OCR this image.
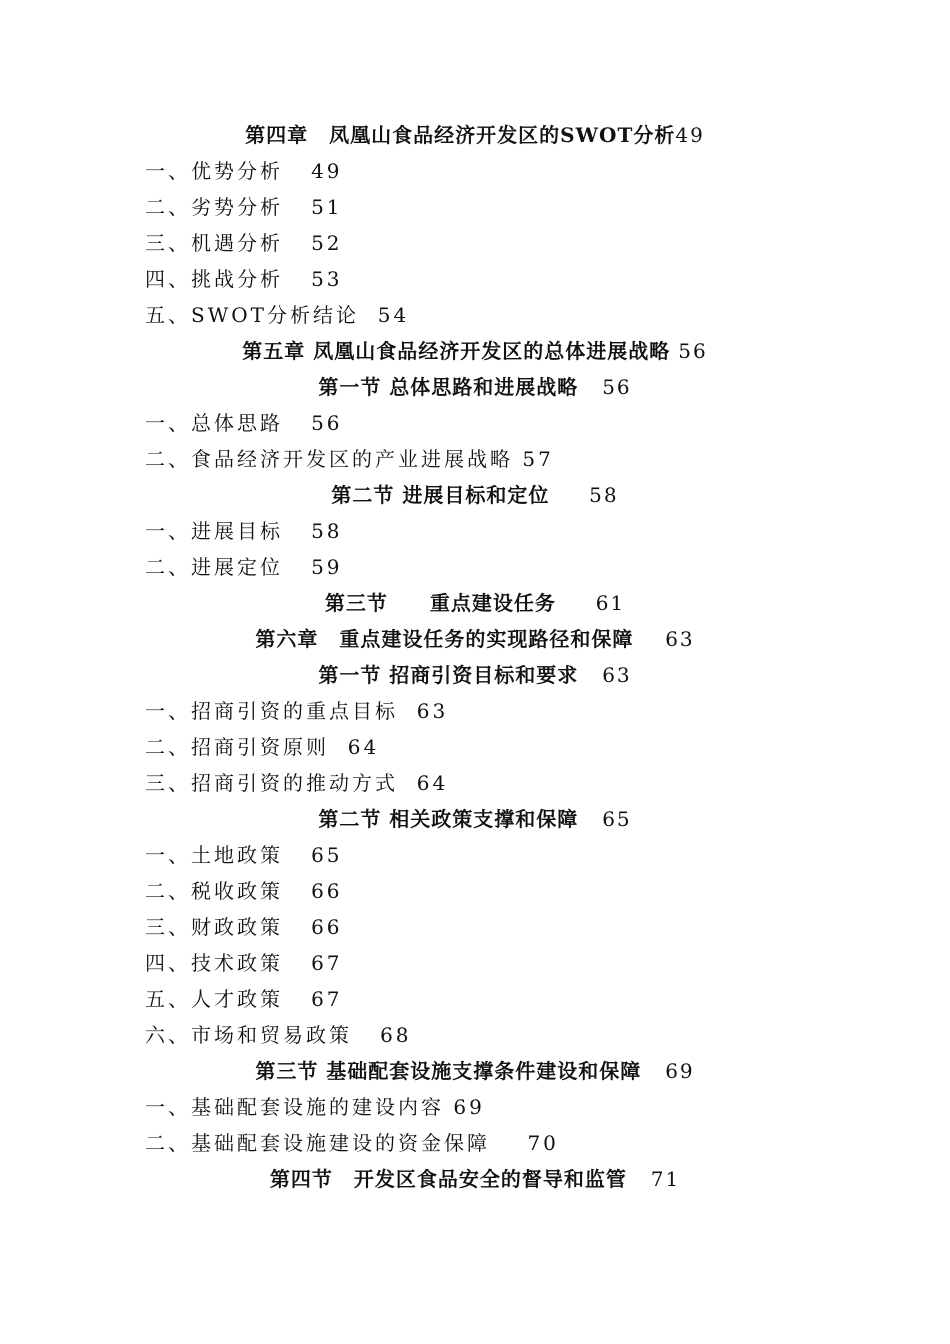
第四章　凤凰山食品经济开发区的SWOT分析49
一、优势分析 49
二、劣势分析 51
三、机遇分析 52
四、挑战分析 53
五、SWOT分析结论 54
第五章 凤凰山食品经济开发区的总体进展战略 56
第一节 总体思路和进展战略 56
一、总体思路 56
二、食品经济开发区的产业进展战略 57
第二节 进展目标和定位 58
一、进展目标 58
二、进展定位 59
第三节　　重点建设任务 61
第六章　重点建设任务的实现路径和保障 63
第一节 招商引资目标和要求 63
一、招商引资的重点目标 63
二、招商引资原则 64
三、招商引资的推动方式 64
第二节 相关政策支撑和保障 65
一、土地政策 65
二、税收政策 66
三、财政政策 66
四、技术政策 67
五、人才政策 67
六、市场和贸易政策 68
第三节 基础配套设施支撑条件建设和保障 69
一、基础配套设施的建设内容 69
二、基础配套设施建设的资金保障 70
第四节　开发区食品安全的督导和监管 71
